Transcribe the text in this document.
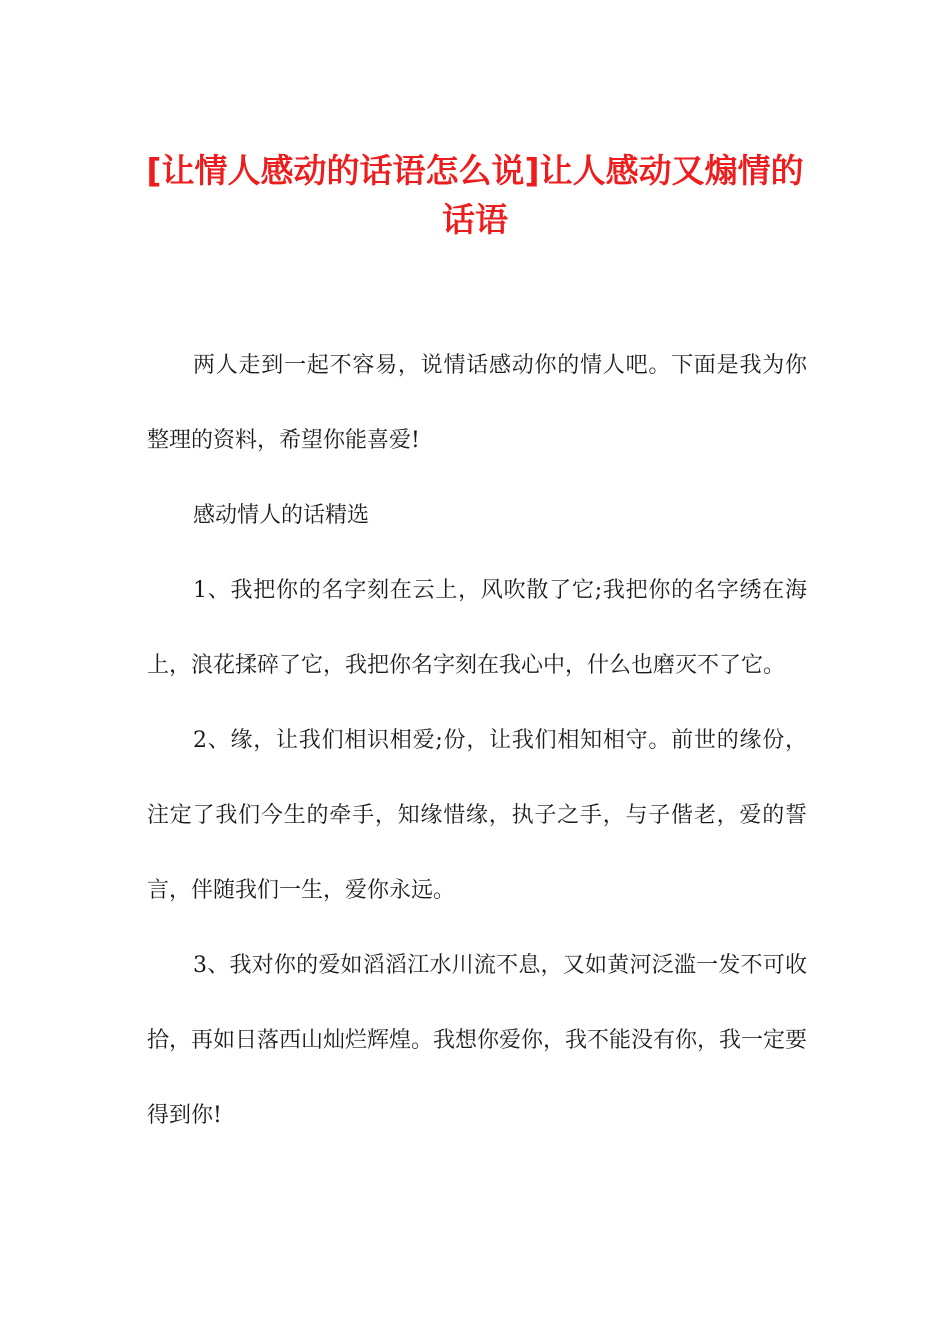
[让情人感动的话语怎么说]让人感动又煽情的话语

两人走到一起不容易，说情话感动你的情人吧。下面是我为你整理的资料，希望你能喜爱!

感动情人的话精选

1、我把你的名字刻在云上，风吹散了它;我把你的名字绣在海上，浪花揉碎了它，我把你名字刻在我心中，什么也磨灭不了它。

2、缘，让我们相识相爱;份，让我们相知相守。前世的缘份，注定了我们今生的牵手，知缘惜缘，执子之手，与子偕老，爱的誓言，伴随我们一生，爱你永远。

3、我对你的爱如滔滔江水川流不息，又如黄河泛滥一发不可收拾，再如日落西山灿烂辉煌。我想你爱你，我不能没有你，我一定要得到你!
